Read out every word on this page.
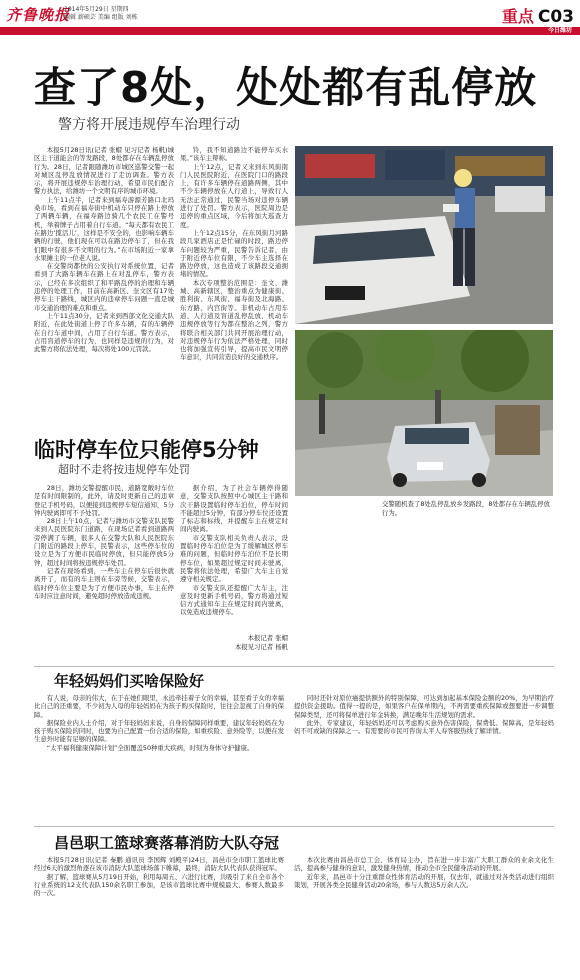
齐鲁晚报
2014年5月29日 星期四
编辑 薪硕芸 美编 组版 刘栋	重点 C03
今日潍坊
查了8处，处处都有乱停放
警方将开展违规停车治理行动

本报5月28日讯(记者 张蝐 见习记者 杨帆)城区主干道能会的等发路段，8处都存在车辆乱停放行为。28日，记者跟随潍坊市城区巡警交警一起对城区乱停乱放情况进行了走访调查。警方表示，将开展违规停车治理行动，希望市民们配合警方执法，给潍坊一个文明有序的城市环境。

上午11点半，记者来到福寿游源芳路口北玛桑市场，看到在福寿街中机动车只停在路上停放了两辆车辆，在福寿路边骑几个农民工在警号机，举着牌子占用着自行车道。“每天都有农民工在路边‘揽活儿’，这样是不安全的，也影响车辆车辆的行驶，他们现在可以在路边停车了，但在我们眼中有很多不文明的行为。”在市场附近一家拿水果摊主的一位老人说。

在交警岗都快的公安执行对系统位置，记者看到了大路车辆车在路上在对乱停车，警方表示，已经在多次组织了和平路乱停的治理和车辆违停的处理工作，目前在高新区、奎文区有17处停车主干路线，城区内的违章停车问题一直是城市交通治理的难点和重点。

上午11点30分，记者来到西部文化交通大队附近，在此处街道上停了许多车辆，有的车辆停在自行车道中间，占用了自行车道。警方表示，占用盲道停车的行为，也同样是违规的行为，对此警方将依法处理，每次将处100元罚款。

铃，我不知道路边不能停车买水果。”该车主辩称。

上午12点，记者又来到东风街南门人民医院附近，在医院门口的路段上，有许多车辆停在道路两侧，其中不少车辆停放在人行道上，导致行人无法正常通过，民警当场对违停车辆进行了处罚。警方表示，医院周边是违停的重点区域，今后将加大巡查力度。

上午12点15分，在东风街月河路段几家酒店正是忙碌的时段，路边停车问题较为严重，民警告诉记者，由于附近停车位有限，不少车主选择在路边停放，这也造成了该路段交通拥堵的情况。

本次专项整治范围是：奎文、潍城、高新辖区，整治重点为健康街、胜利街、东风街、福寿街及北海路、东方路、内宫街等。非机动车占用车道、人行道及盲道乱停乱放、机动车违规停放等行为都在整治之列，警方将联合相关部门共同开展治理行动，对违规停车行为依法严格处理，同时也将加强宣传引导，提高市民文明停车意识，共同营造良好的交通秩序。

交警随机查了8处乱停乱放乡发路段，8处都存在车辆乱停放行为。
临时停车位只能停5分钟
超时不走将按违规停车处罚

28日，潍坊交警提醒市民，道路宽敞时车位是有时间限制的，此外，请及时更新自己的违章登记手机号码，以便接到违规停车短信通知，5分钟内驶离即可不予处罚。

28日上午10点，记者与潍坊市交警支队民警来到人民医院东门道路，在现场记者看到道路两旁停满了车辆，很多人在交警大队和人民医院东门附近的路段上停车，民警表示，这些停车位的设立是为了方便市民临时停放，但只能停放5分钟，超过时间将按违规停车处罚。

记者在现场看到，一些车主在停车后很快就离开了，而有的车主则在车旁等候，交警表示，临时停车位主要是为了方便市民办事，车主在停车时应注意时间，避免超时停放造成违规。

据介绍，为了社会车辆停得随意，交警支队按照中心城区主干路和次干路设置临时停车泊位，停车时间不能超过5分钟，有部分停车位还设置了标志和标线，并提醒车主在规定时间内驶离。

市交警支队相关负责人表示，设置临时停车泊位是为了缓解城区停车难的问题，但临时停车泊位不是长期停车位，如果超过规定时间未驶离，民警将依法处理，希望广大车主自觉遵守相关规定。

市交警支队还提醒广大车主，注意及时更新手机号码，警方将通过短信方式通知车主在规定时间内驶离，以免造成违规停车。

本报记者 张蝐
本报见习记者 杨帆
年轻妈妈们买啥保险好

有人说，母亲的伟大，在于在她们眼里，永远牵挂着子女的幸福，甚至看子女的幸福比自己的还重要，不少初为人母的年轻妈妈在为孩子购买保险时，往往会忽视了自身的保障。

据保险业内人士介绍，对于年轻妈妈来说，自身的保障同样重要，建议年轻妈妈在为孩子购买保险的同时，也要为自己配置一份合适的保险，如重疾险、意外险等，以便在发生意外时能有足够的保障。

“太平福利健康保障计划”全面覆盖50种重大疾病，时刻为身体守护健康。

同时还针对原位癌提供额外的特别保障，可达到加起基本保险金额的20%，为早期治疗提供资金援助。值得一提的是，如果客户在保单期内，不再需要重疾保障或想要进一步调整保障类型，还可将保单进行年金转换，满足晚年生活规划的需求。

此外，专家建议，年轻妈妈还可以考虑购买意外伤害保险，保费低、保障高，是年轻妈妈不可或缺的保障之一。有需要的市民可咨询太平人寿客服热线了解详情。

昌邑职工篮球赛落幕消防大队夺冠

本报5月28日讯(记者 秦鹏 通讯员 李国辉 刘殿平)24日，昌邑市全市职工篮球比赛经过6天的激烈角逐在该市消防大队篮球场落下帷幕，最终，消防大队代表队获得冠军。

据了解，篮球赛从5月19日开始，利用每周五、六进行比赛，共吸引了来自全市各个行业系统的12支代表队150余名职工参加，是该市篮球比赛中规模最大、参赛人数最多的一次。

本次比赛由昌邑市总工会、体育局主办，旨在进一步丰富广大职工群众的业余文化生活，提高参与健身的意识，激发健身热情，推动全市全民健身活动的开展。

近年来，昌邑市十分注重群众性体育活动的开展，仅去年，就通过对各类活动进行组织策划，开展各类全民健身活动20余场，参与人数达5万余人次。
